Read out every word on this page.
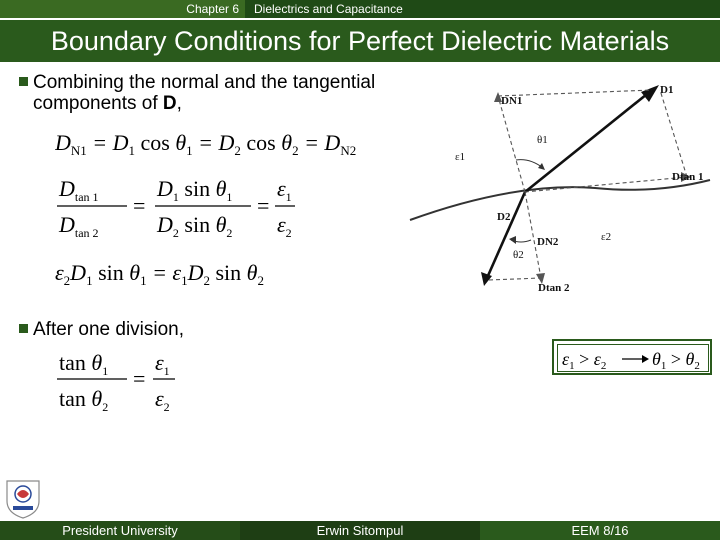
Chapter 6	Dielectrics and Capacitance
Boundary Conditions for Perfect Dielectric Materials
Combining the normal and the tangential
components of D,
$D_{N1} = D_1$ $\cos \theta_1 = D_2$ $\cos \theta_2 = D_{N2}$
$D_{tan 1}$
$D_{tan 2}$
=
$D_1$ $\sin \theta_1$
$D_2$ $\sin \theta_2$
=
$\varepsilon_1$
$\varepsilon_2$
$\varepsilon_2D_1$ $\sin \theta_1 = \varepsilon_1D_2$ $\sin \theta_2$
After one division,
$\tan \theta_1$
$\tan \theta_2$
=
$\varepsilon_1$
$\varepsilon_2$
$\varepsilon_1 > \varepsilon_2$	$\theta_1 > \theta_2$
D1
DN1
Dtan 1
θ1
ε1
D2
DN2
Dtan 2
θ2
ε2
President University	Erwin Sitompul	EEM 8/16
